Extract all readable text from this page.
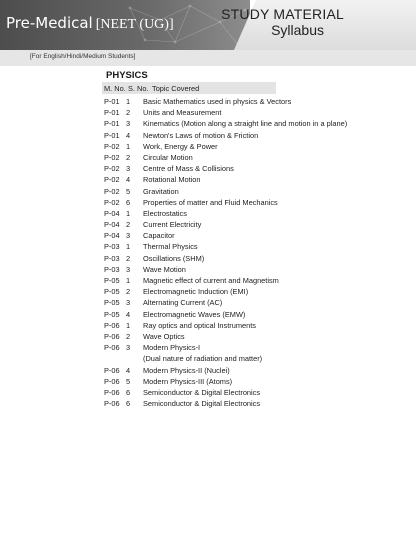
Pre-Medical [NEET (UG)]
STUDY MATERIAL
Syllabus
[For English/Hindi/Medium Students]
PHYSICS
M. No. S. No. Topic Covered
P-01 1 Basic Mathematics used in physics & Vectors
P-01 2 Units and Measurement
P-01 3 Kinematics (Motion along a straight line and motion in a plane)
P-01 4 Newton's Laws of motion & Friction
P-02 1 Work, Energy & Power
P-02 2 Circular Motion
P-02 3 Centre of Mass & Collisions
P-02 4 Rotational Motion
P-02 5 Gravitation
P-02 6 Properties of matter and Fluid Mechanics
P-04 1 Electrostatics
P-04 2 Current Electricity
P-04 3 Capacitor
P-03 1 Thermal Physics
P-03 2 Oscillations (SHM)
P-03 3 Wave Motion
P-05 1 Magnetic effect of current and Magnetism
P-05 2 Electromagnetic Induction (EMI)
P-05 3 Alternating Current (AC)
P-05 4 Electromagnetic Waves (EMW)
P-06 1 Ray optics and optical Instruments
P-06 2 Wave Optics
P-06 3 Modern Physics-I
(Dual nature of radiation and matter)
P-06 4 Modern Physics-II (Nuclei)
P-06 5 Modern Physics-III (Atoms)
P-06 6 Semiconductor & Digital Electronics
P-06 6 Semiconductor & Digital Electronics
